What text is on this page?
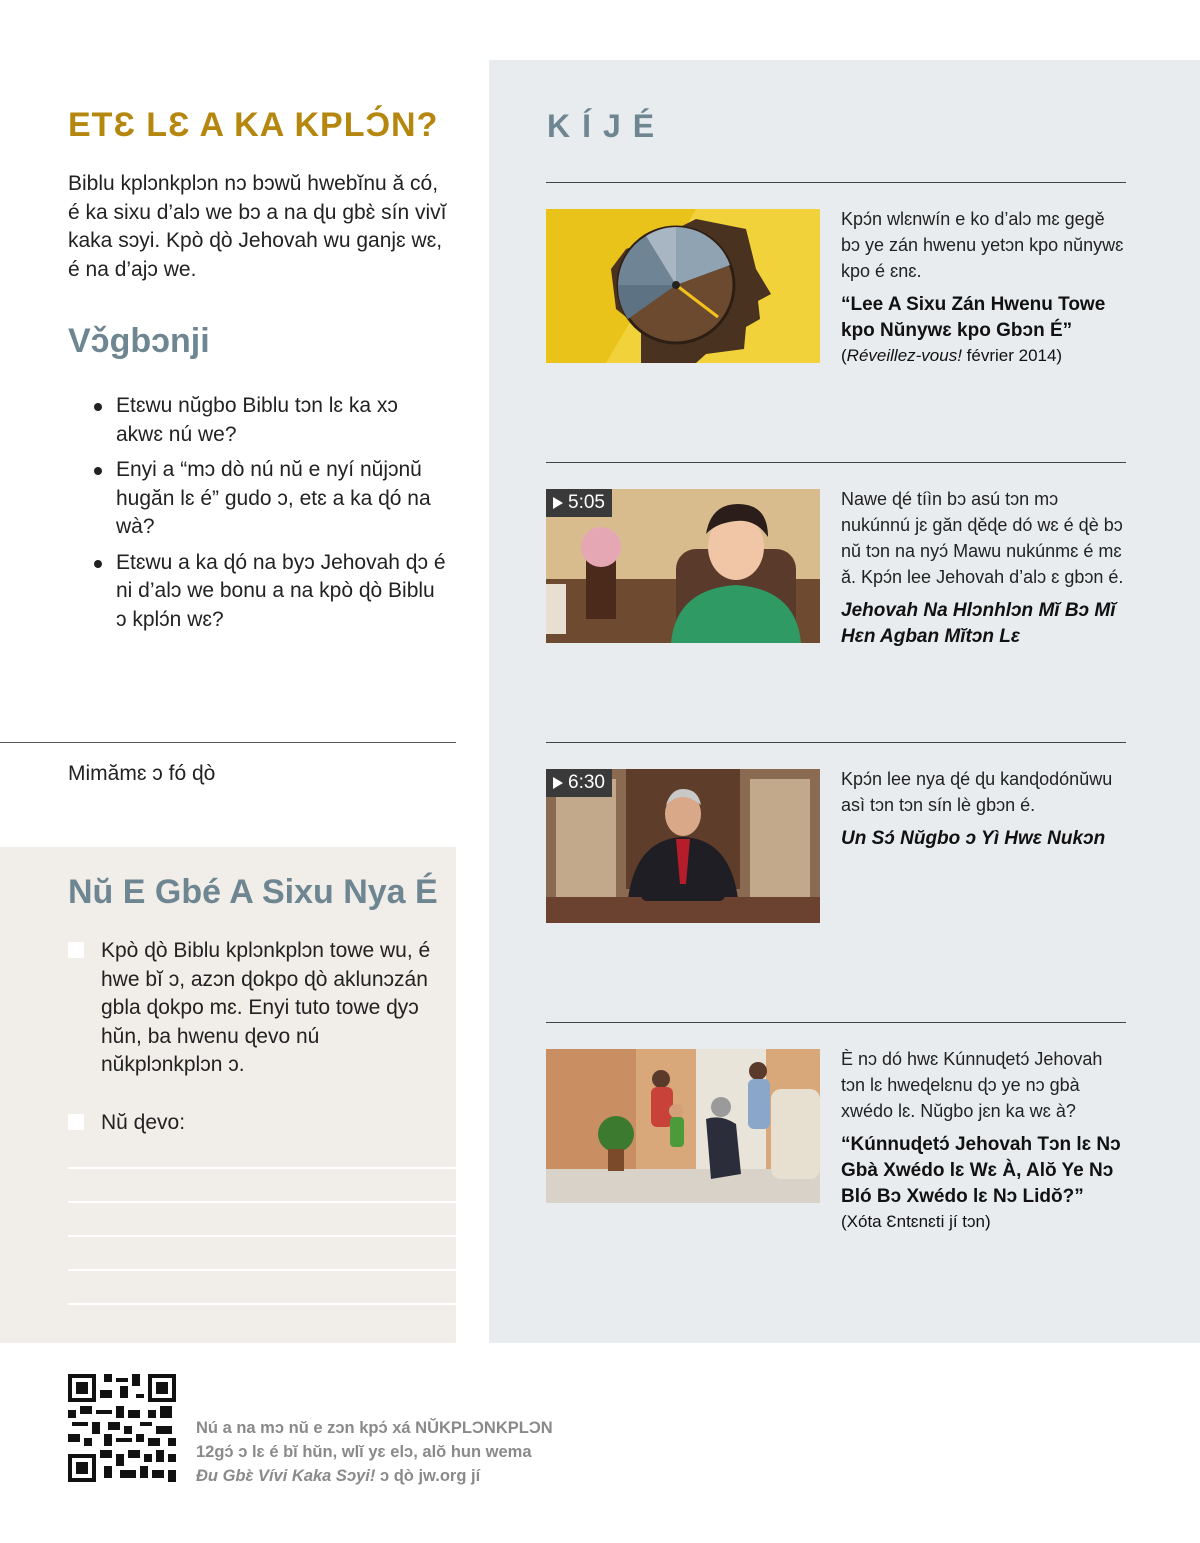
ETƐ LƐ A KA KPLƆ́N?

Biblu kplɔnkplɔn nɔ bɔwŭ hwebĭnu ǎ có, é ka sixu d’alɔ we bɔ a na ɖu gbɛ̀ sín vivĭ kaka sɔyi. Kpò ɖò Jehovah wu ganjɛ wɛ, é na d’ajɔ we.

Vɔ̌gbɔnji
Etɛwu nŭgbo Biblu tɔn lɛ ka xɔ akwɛ nú we?
Enyi a “mɔ dò nú nŭ e nyí nŭjɔnŭ hugăn lɛ é” gudo ɔ, etɛ a ka ɖó na wà?
Etɛwu a ka ɖó na byɔ Jehovah ɖɔ é ni d’alɔ we bonu a na kpò ɖò Biblu ɔ kplɔ́n wɛ?
Mimămɛ ɔ fó ɖò
Nŭ E Gbé A Sixu Nya É
Kpò ɖò Biblu kplɔnkplɔn towe wu, é hwe bĭ ɔ, azɔn ɖokpo ɖò aklunɔzán gbla ɖokpo mɛ. Enyi tuto towe ɖyɔ hŭn, ba hwenu ɖevo nú nŭkplɔnkplɔn ɔ.
Nŭ ɖevo:
KÍJÉ
Kpɔ́n wlɛnwín e ko d’alɔ mɛ gegě bɔ ye zán hwenu yetɔn kpo nŭnywɛ kpo é ɛnɛ.
“Lee A Sixu Zán Hwenu Towe kpo Nŭnywɛ kpo Gbɔn É”
(Réveillez-vous! février 2014)
5:05	Nawe ɖé tíìn bɔ asú tɔn mɔ nukúnnú jɛ găn ɖěɖe dó wɛ é ɖè bɔ nŭ tɔn na nyɔ́ Mawu nukúnmɛ é mɛ ǎ. Kpɔ́n lee Jehovah d’alɔ ɛ gbɔn é.
Jehovah Na Hlɔnhlɔn Mĭ Bɔ Mĭ Hɛn Agban Mĭtɔn Lɛ
6:30	Kpɔ́n lee nya ɖé ɖu kanɖodónŭwu asì tɔn tɔn sín lè gbɔn é.
Un Sɔ́ Nŭgbo ɔ Yì Hwɛ Nukɔn
È nɔ dó hwɛ Kúnnuɖetɔ́ Jehovah tɔn lɛ hweɖelɛnu ɖɔ ye nɔ gbà xwédo lɛ. Nŭgbo jɛn ka wɛ à?
“Kúnnuɖetɔ́ Jehovah Tɔn lɛ Nɔ Gbà Xwédo lɛ Wɛ À, Alŏ Ye Nɔ Bló Bɔ Xwédo lɛ Nɔ Lidŏ?”
(Xóta Ɛntɛnɛti jí tɔn)
Nú a na mɔ nŭ e zɔn kpɔ́ xá NŬKPLƆNKPLƆN
12gɔ́ ɔ lɛ é bĭ hŭn, wlĭ yɛ elɔ, alŏ hun wema
Ɖu Gbɛ̀ Vívi Kaka Sɔyi! ɔ ɖò jw.org jí
